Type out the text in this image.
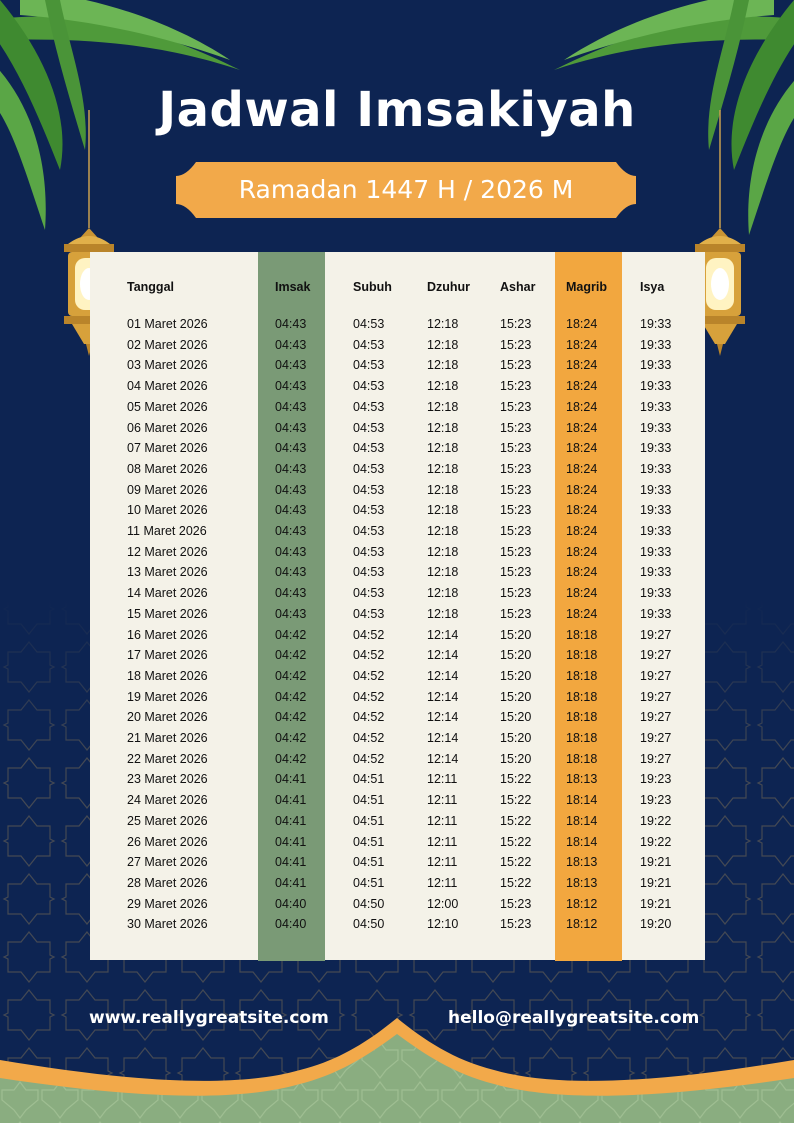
Jadwal Imsakiyah
Ramadan 1447 H / 2026 M
Tanggal	Imsak	Subuh	Dzuhur Ashar Magrib	Isya
01 Maret 2026	04:43	04:53	12:18	15:23	18:24	19:33
02 Maret 2026	04:43	04:53	12:18	15:23	18:24	19:33
03 Maret 2026	04:43	04:53	12:18	15:23	18:24	19:33
04 Maret 2026	04:43	04:53	12:18	15:23	18:24	19:33
05 Maret 2026	04:43	04:53	12:18	15:23	18:24	19:33
06 Maret 2026	04:43	04:53	12:18	15:23	18:24	19:33
07 Maret 2026	04:43	04:53	12:18	15:23	18:24	19:33
08 Maret 2026	04:43	04:53	12:18	15:23	18:24	19:33
09 Maret 2026	04:43	04:53	12:18	15:23	18:24	19:33
10 Maret 2026	04:43	04:53	12:18	15:23	18:24	19:33
11 Maret 2026	04:43	04:53	12:18	15:23	18:24	19:33
12 Maret 2026	04:43	04:53	12:18	15:23	18:24	19:33
13 Maret 2026	04:43	04:53	12:18	15:23	18:24	19:33
14 Maret 2026	04:43	04:53	12:18	15:23	18:24	19:33
15 Maret 2026	04:43	04:53	12:18	15:23	18:24	19:33
16 Maret 2026	04:42	04:52	12:14	15:20	18:18	19:27
17 Maret 2026	04:42	04:52	12:14	15:20	18:18	19:27
18 Maret 2026	04:42	04:52	12:14	15:20	18:18	19:27
19 Maret 2026	04:42	04:52	12:14	15:20	18:18	19:27
20 Maret 2026	04:42	04:52	12:14	15:20	18:18	19:27
21 Maret 2026	04:42	04:52	12:14	15:20	18:18	19:27
22 Maret 2026	04:42	04:52	12:14	15:20	18:18	19:27
23 Maret 2026	04:41	04:51	12:11	15:22	18:13	19:23
24 Maret 2026	04:41	04:51	12:11	15:22	18:14	19:23
25 Maret 2026	04:41	04:51	12:11	15:22	18:14	19:22
26 Maret 2026	04:41	04:51	12:11	15:22	18:14	19:22
27 Maret 2026	04:41	04:51	12:11	15:22	18:13	19:21
28 Maret 2026	04:41	04:51	12:11	15:22	18:13	19:21
29 Maret 2026	04:40	04:50	12:00	15:23	18:12	19:21
30 Maret 2026	04:40	04:50	12:10	15:23	18:12	19:20
www.reallygreatsite.com	hello@reallygreatsite.com
